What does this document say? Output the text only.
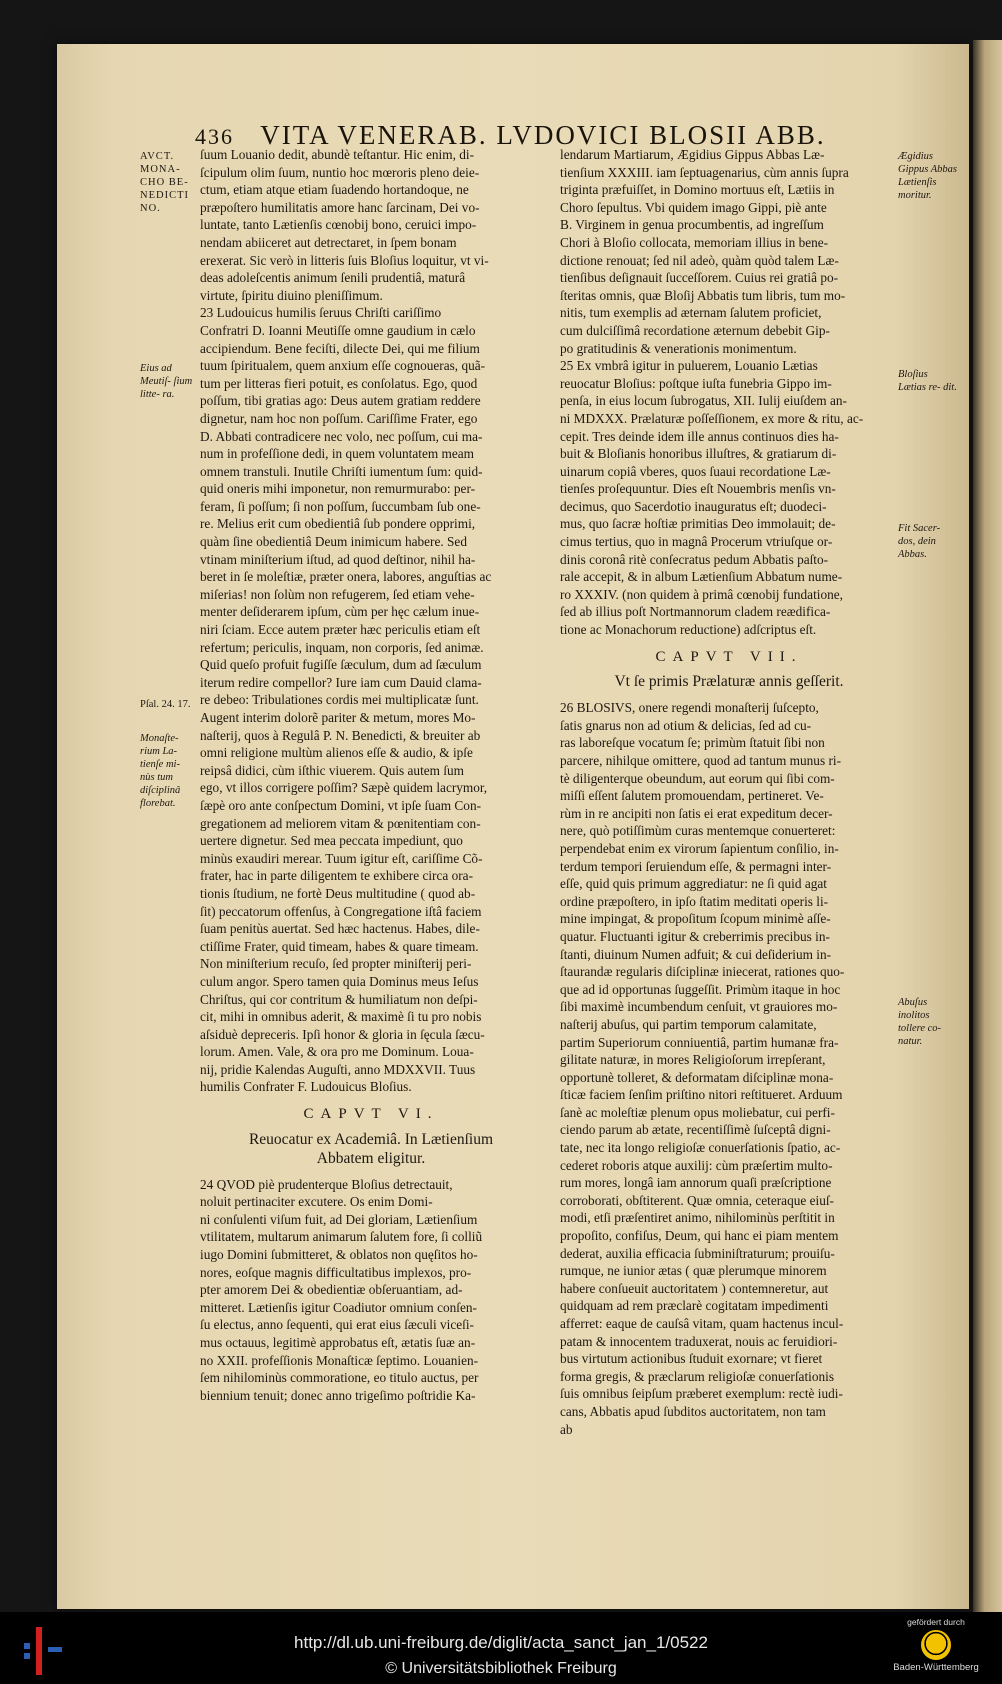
436 VITA VENERAB. LVDOVICI BLOSII ABB.
AVCT. MONA- CHO BE- NEDICTI NO.
Eius ad Meutiſ- ſium litte- ra.
Pſal. 24. 17.
Monaſte- rium La- tienſe mi- nùs tum diſciplinâ florebat.
Ægidius Gippus Abbas Lætienſis moritur.
Bloſius Lætias re- dit.
Fit Sacer- dos, dein Abbas.
Abuſus inolitos tollere co- natur.
ſuum Louanio dedit, abundè teſtantur. Hic enim, di-
ſcipulum olim ſuum, nuntio hoc mœroris pleno deie-
ctum, etiam atque etiam ſuadendo hortandoque, ne
præpoſtero humilitatis amore hanc ſarcinam, Dei vo-
luntate, tanto Lætienſis cœnobij bono, ceruici impo-
nendam abiiceret aut detrectaret, in ſpem bonam
erexerat. Sic verò in litteris ſuis Bloſius loquitur, vt vi-
deas adoleſcentis animum ſenili prudentiâ, maturâ
virtute, ſpiritu diuino pleniſſimum.
23 Ludouicus humilis ſeruus Chriſti cariſſimo
Confratri D. Ioanni Meutiſſe omne gaudium in cælo
accipiendum. Bene feciſti, dilecte Dei, qui me filium
tuum ſpiritualem, quem anxium eſſe cognoueras, quã-
tum per litteras fieri potuit, es conſolatus. Ego, quod
poſſum, tibi gratias ago: Deus autem gratiam reddere
dignetur, nam hoc non poſſum. Cariſſime Frater, ego
D. Abbati contradicere nec volo, nec poſſum, cui ma-
num in profeſſione dedi, in quem voluntatem meam
omnem transtuli. Inutile Chriſti iumentum ſum: quid-
quid oneris mihi imponetur, non remurmurabo: per-
feram, ſi poſſum; ſi non poſſum, ſuccumbam ſub one-
re. Melius erit cum obedientiâ ſub pondere opprimi,
quàm ſine obedientiâ Deum inimicum habere. Sed
vtinam miniſterium iſtud, ad quod deſtinor, nihil ha-
beret in ſe moleſtiæ, præter onera, labores, anguſtias ac
miſerias! non ſolùm non refugerem, ſed etiam vehe-
menter deſiderarem ipſum, cùm per hęc cælum inue-
niri ſciam. Ecce autem præter hæc periculis etiam eſt
refertum; periculis, inquam, non corporis, ſed animæ.
Quid queſo profuit fugiſſe ſæculum, dum ad ſæculum
iterum redire compellor? Iure iam cum Dauid clama-
re debeo: Tribulationes cordis mei multiplicatæ ſunt.
Augent interim dolorẽ pariter & metum, mores Mo-
naſterij, quos à Regulâ P. N. Benedicti, & breuiter ab
omni religione multùm alienos eſſe & audio, & ipſe
reipsâ didici, cùm iſthic viuerem. Quis autem ſum
ego, vt illos corrigere poſſim? Sæpè quidem lacrymor,
ſæpè oro ante conſpectum Domini, vt ipſe ſuam Con-
gregationem ad meliorem vitam & pœnitentiam con-
uertere dignetur. Sed mea peccata impediunt, quo
minùs exaudiri merear. Tuum igitur eſt, cariſſime Cõ-
frater, hac in parte diligentem te exhibere circa ora-
tionis ſtudium, ne fortè Deus multitudine ( quod ab-
ſit) peccatorum offenſus, à Congregatione iſtâ faciem
ſuam penitùs auertat. Sed hæc hactenus. Habes, dile-
ctiſſime Frater, quid timeam, habes & quare timeam.
Non miniſterium recuſo, ſed propter miniſterij peri-
culum angor. Spero tamen quia Dominus meus Ieſus
Chriſtus, qui cor contritum & humiliatum non deſpi-
cit, mihi in omnibus aderit, & maximè ſi tu pro nobis
aſsiduè depreceris. Ipſi honor & gloria in ſęcula ſæcu-
lorum. Amen. Vale, & ora pro me Dominum. Loua-
nij, pridie Kalendas Auguſti, anno MDXXVII. Tuus
humilis Confrater F. Ludouicus Bloſius.
CAPVT VI.
Reuocatur ex Academiâ. In Lætienſium
Abbatem eligitur.
24 QVOD piè prudenterque Bloſius detrectauit,
noluit pertinaciter excutere. Os enim Domi-
ni conſulenti viſum fuit, ad Dei gloriam, Lætienſium
vtilitatem, multarum animarum ſalutem fore, ſi colliũ
iugo Domini ſubmitteret, & oblatos non quęſitos ho-
nores, eoſque magnis difficultatibus implexos, pro-
pter amorem Dei & obedientiæ obſeruantiam, ad-
mitteret. Lætienſis igitur Coadiutor omnium conſen-
ſu electus, anno ſequenti, qui erat eius ſæculi viceſi-
mus octauus, legitimè approbatus eſt, ætatis ſuæ an-
no XXII. profeſſionis Monaſticæ ſeptimo. Louanien-
ſem nihilominùs commoratione, eo titulo auctus, per
biennium tenuit; donec anno trigeſimo poſtridie Ka-
lendarum Martiarum, Ægidius Gippus Abbas Læ-
tienſium XXXIII. iam ſeptuagenarius, cùm annis ſupra
triginta præfuiſſet, in Domino mortuus eſt, Lætiis in
Choro ſepultus. Vbi quidem imago Gippi, piè ante
B. Virginem in genua procumbentis, ad ingreſſum
Chori à Bloſio collocata, memoriam illius in bene-
dictione renouat; ſed nil adeò, quàm quòd talem Læ-
tienſibus deſignauit ſucceſſorem. Cuius rei gratiâ po-
ſteritas omnis, quæ Bloſij Abbatis tum libris, tum mo-
nitis, tum exemplis ad æternam ſalutem proficiet,
cum dulciſſimâ recordatione æternum debebit Gip-
po gratitudinis & venerationis monimentum.
25 Ex vmbrâ igitur in puluerem, Louanio Lætias
reuocatur Bloſius: poſtque iuſta funebria Gippo im-
penſa, in eius locum ſubrogatus, XII. Iulij eiuſdem an-
ni MDXXX. Prælaturæ poſſeſſionem, ex more & ritu, ac-
cepit. Tres deinde idem ille annus continuos dies ha-
buit & Bloſianis honoribus illuſtres, & gratiarum di-
uinarum copiâ vberes, quos ſuaui recordatione Læ-
tienſes proſequuntur. Dies eſt Nouembris menſis vn-
decimus, quo Sacerdotio inauguratus eſt; duodeci-
mus, quo ſacræ hoſtiæ primitias Deo immolauit; de-
cimus tertius, quo in magnâ Procerum vtriuſque or-
dinis coronâ ritè conſecratus pedum Abbatis paſto-
rale accepit, & in album Lætienſium Abbatum nume-
ro XXXIV. (non quidem à primâ cœnobij fundatione,
ſed ab illius poſt Nortmannorum cladem reædifica-
tione ac Monachorum reductione) adſcriptus eſt.
CAPVT VII.
Vt ſe primis Prælaturæ annis geſſerit.
26 BLOSIVS, onere regendi monaſterij ſuſcepto,
ſatis gnarus non ad otium & delicias, ſed ad cu-
ras laboreſque vocatum ſe; primùm ſtatuit ſibi non
parcere, nihilque omittere, quod ad tantum munus ri-
tè diligenterque obeundum, aut eorum qui ſibi com-
miſſi eſſent ſalutem promouendam, pertineret. Ve-
rùm in re ancipiti non ſatis ei erat expeditum decer-
nere, quò potiſſimùm curas mentemque conuerteret:
perpendebat enim ex virorum ſapientum conſilio, in-
terdum tempori ſeruiendum eſſe, & permagni inter-
eſſe, quid quis primum aggrediatur: ne ſi quid agat
ordine præpoſtero, in ipſo ſtatim meditati operis li-
mine impingat, & propoſitum ſcopum minimè aſſe-
quatur. Fluctuanti igitur & creberrimis precibus in-
ſtanti, diuinum Numen adfuit; & cui deſiderium in-
ſtaurandæ regularis diſciplinæ iniecerat, rationes quo-
que ad id opportunas ſuggeſſit. Primùm itaque in hoc
ſibi maximè incumbendum cenſuit, vt grauiores mo-
naſterij abuſus, qui partim temporum calamitate,
partim Superiorum conniuentiâ, partim humanæ fra-
gilitate naturæ, in mores Religioſorum irrepſerant,
opportunè tolleret, & deformatam diſciplinæ mona-
ſticæ faciem ſenſim priſtino nitori reſtitueret. Arduum
ſanè ac moleſtiæ plenum opus moliebatur, cui perfi-
ciendo parum ab ætate, recentiſſimè ſuſceptâ digni-
tate, nec ita longo religioſæ conuerſationis ſpatio, ac-
cederet roboris atque auxilij: cùm præſertim multo-
rum mores, longâ iam annorum quaſi præſcriptione
corroborati, obſtiterent. Quæ omnia, ceteraque eiuſ-
modi, etſi præſentiret animo, nihilominùs perſtitit in
propoſito, confiſus, Deum, qui hanc ei piam mentem
dederat, auxilia efficacia ſubminiſtraturum; prouiſu-
rumque, ne iunior ætas ( quæ plerumque minorem
habere conſueuit auctoritatem ) contemneretur, aut
quidquam ad rem præclarè cogitatam impedimenti
afferret: eaque de cauſsâ vitam, quam hactenus incul-
patam & innocentem traduxerat, nouis ac feruidiori-
bus virtutum actionibus ſtuduit exornare; vt fieret
forma gregis, & præclarum religioſæ conuerſationis
ſuis omnibus ſeipſum præberet exemplum: rectè iudi-
cans, Abbatis apud ſubditos auctoritatem, non tam
ab
http://dl.ub.uni-freiburg.de/diglit/acta_sanct_jan_1/0522
© Universitätsbibliothek Freiburg
gefördert durch
Baden-Württemberg
